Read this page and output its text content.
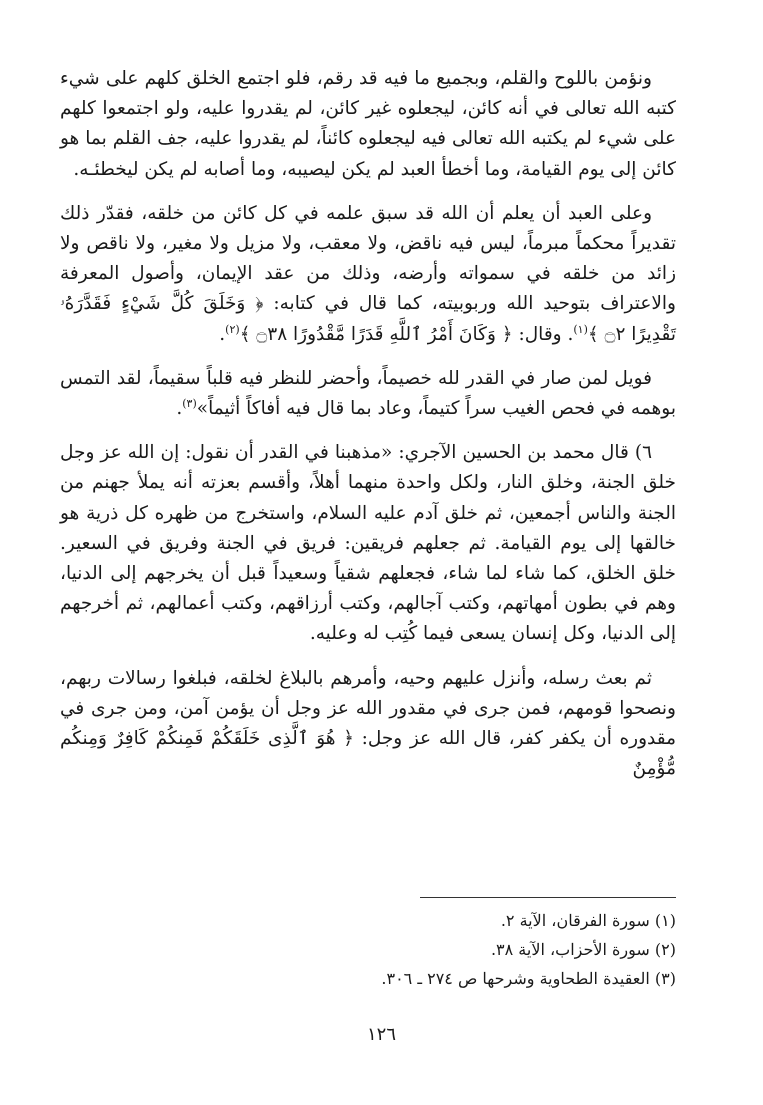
ونؤمن باللوح والقلم، وبجميع ما فيه قد رقم، فلو اجتمع الخلق كلهم على شيء كتبه الله تعالى في أنه كائن، ليجعلوه غير كائن، لم يقدروا عليه، ولو اجتمعوا كلهم على شيء لم يكتبه الله تعالى فيه ليجعلوه كائناً، لم يقدروا عليه، جف القلم بما هو كائن إلى يوم القيامة، وما أخطأ العبد لم يكن ليصيبه، وما أصابه لم يكن ليخطئـه.

وعلى العبد أن يعلم أن الله قد سبق علمه في كل كائن من خلقه، فقدّر ذلك تقديراً محكماً مبرماً، ليس فيه ناقض، ولا معقب، ولا مزيل ولا مغير، ولا ناقص ولا زائد من خلقه في سمواته وأرضه، وذلك من عقد الإيمان، وأصول المعرفة والاعتراف بتوحيد الله وربوبيته، كما قال في كتابه: ﴿ وَخَلَقَ كُلَّ شَيْءٍ فَقَدَّرَهُۥ تَقْدِيرًا ۝٢ ﴾$^{(١)}$. وقال: ﴿ وَكَانَ أَمْرُ ٱللَّهِ قَدَرًا مَّقْدُورًا ۝٣٨ ﴾$^{(٢)}$.

فويل لمن صار في القدر لله خصيماً، وأحضر للنظر فيه قلباً سقيماً، لقد التمس بوهمه في فحص الغيب سراً كتيماً، وعاد بما قال فيه أفاكاً أثيماً»$^{(٣)}$.

٦) قال محمد بن الحسين الآجري: «مذهبنا في القدر أن نقول: إن الله عز وجل خلق الجنة، وخلق النار، ولكل واحدة منهما أهلاً، وأقسم بعزته أنه يملأ جهنم من الجنة والناس أجمعين، ثم خلق آدم عليه السلام، واستخرج من ظهره كل ذرية هو خالقها إلى يوم القيامة. ثم جعلهم فريقين: فريق في الجنة وفريق في السعير. خلق الخلق، كما شاء لما شاء، فجعلهم شقياً وسعيداً قبل أن يخرجهم إلى الدنيا، وهم في بطون أمهاتهم، وكتب آجالهم، وكتب أرزاقهم، وكتب أعمالهم، ثم أخرجهم إلى الدنيا، وكل إنسان يسعى فيما كُتِب له وعليه.

ثم بعث رسله، وأنزل عليهم وحيه، وأمرهم بالبلاغ لخلقه، فبلغوا رسالات ربهم، ونصحوا قومهم، فمن جرى في مقدور الله عز وجل أن يؤمن آمن، ومن جرى في مقدوره أن يكفر كفر، قال الله عز وجل: ﴿ هُوَ ٱلَّذِى خَلَقَكُمْ فَمِنكُمْ كَافِرٌ وَمِنكُم مُّؤْمِنٌ

(١) سورة الفرقان، الآية ٢.

(٢) سورة الأحزاب، الآية ٣٨.

(٣) العقيدة الطحاوية وشرحها ص ٢٧٤ ـ ٣٠٦.

١٢٦
